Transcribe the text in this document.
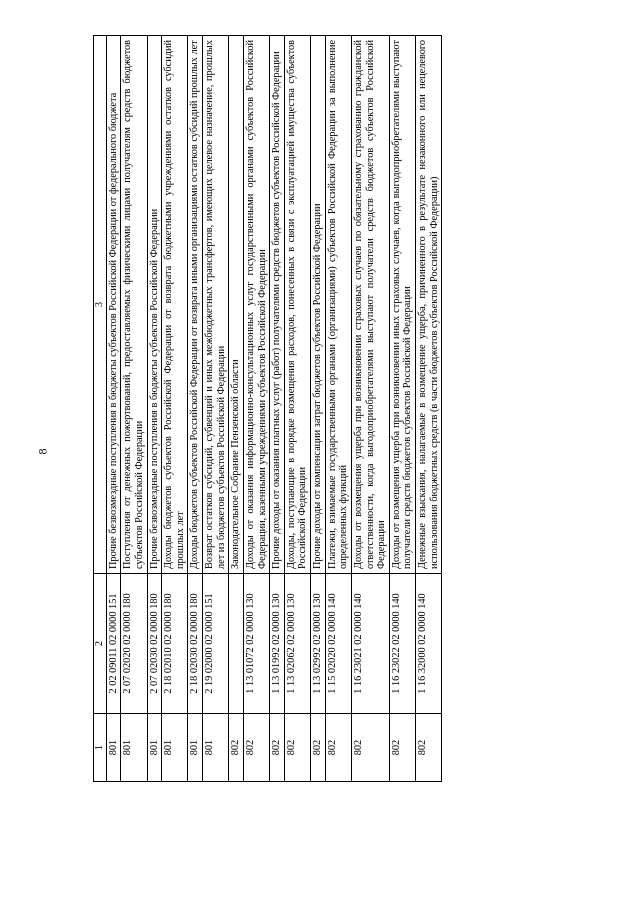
8
1	2	3
801	2 02 09011 02 0000 151	Прочие безвозмездные поступления в бюджеты субъектов Российской Федерации от федерального бюджета
801	2 07 02020 02 0000 180	Поступления от денежных пожертвований, предоставляемых физическими лицами получателям средств бюджетов субъектов Российской Федерации
801	2 07 02030 02 0000 180	Прочие безвозмездные поступления в бюджеты субъектов Российской Федерации
801	2 18 02010 02 0000 180	Доходы бюджетов субъектов Российской Федерации от возврата бюджетными учреждениями остатков субсидий прошлых лет
801	2 18 02030 02 0000 180	Доходы бюджетов субъектов Российской Федерации от возврата иными организациями остатков субсидий прошлых лет
801	2 19 02000 02 0000 151	Возврат остатков субсидий, субвенций и иных межбюджетных трансфертов, имеющих целевое назначение, прошлых лет из бюджетов субъектов Российской Федерации
802		Законодательное Собрание Пензенской области
802	1 13 01072 02 0000 130	Доходы от оказания информационно-консультационных услуг государственными органами субъектов Российской Федерации, казенными учреждениями субъектов Российской Федерации
802	1 13 01992 02 0000 130	Прочие доходы от оказания платных услуг (работ) получателями средств бюджетов субъектов Российской Федерации
802	1 13 02062 02 0000 130	Доходы, поступающие в порядке возмещения расходов, понесенных в связи с эксплуатацией имущества субъектов Российской Федерации
802	1 13 02992 02 0000 130	Прочие доходы от компенсации затрат бюджетов субъектов Российской Федерации
802	1 15 02020 02 0000 140	Платежи, взимаемые государственными органами (организациями) субъектов Российской Федерации за выполнение определенных функций
802	1 16 23021 02 0000 140	Доходы от возмещения ущерба при возникновении страховых случаев по обязательному страхованию гражданской ответственности, когда выгодоприобретателями выступают получатели средств бюджетов субъектов Российской Федерации
802	1 16 23022 02 0000 140	Доходы от возмещения ущерба при возникновении иных страховых случаев, когда выгодоприобретателями выступают получатели средств бюджетов субъектов Российской Федерации
802	1 16 32000 02 0000 140	Денежные взыскания, налагаемые в возмещение ущерба, причиненного в результате незаконного или нецелевого использования бюджетных средств (в части бюджетов субъектов Российской Федерации)
